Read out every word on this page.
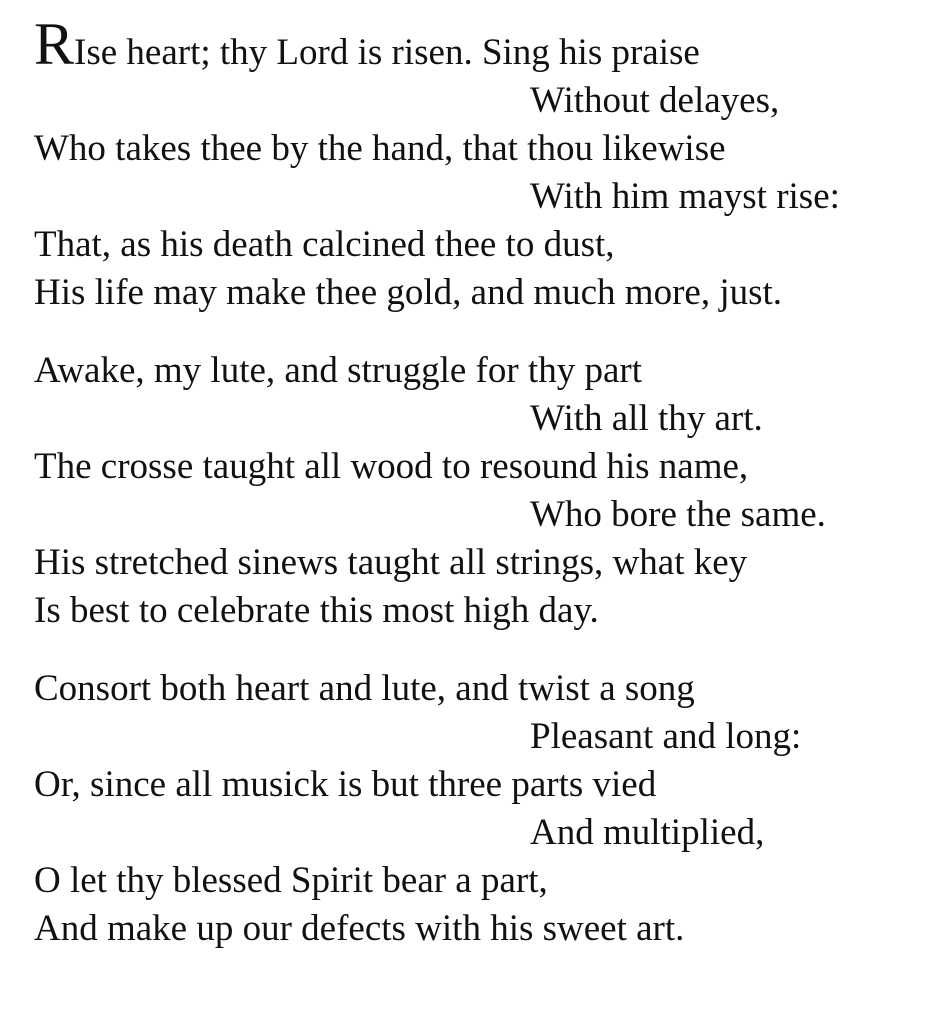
RIse heart; thy Lord is risen. Sing his praise
Without delayes,
Who takes thee by the hand, that thou likewise
With him mayst rise:
That, as his death calcined thee to dust,
His life may make thee gold, and much more, just.
Awake, my lute, and struggle for thy part
With all thy art.
The crosse taught all wood to resound his name,
Who bore the same.
His stretched sinews taught all strings, what key
Is best to celebrate this most high day.
Consort both heart and lute, and twist a song
Pleasant and long:
Or, since all musick is but three parts vied
And multiplied,
O let thy blessed Spirit bear a part,
And make up our defects with his sweet art.
